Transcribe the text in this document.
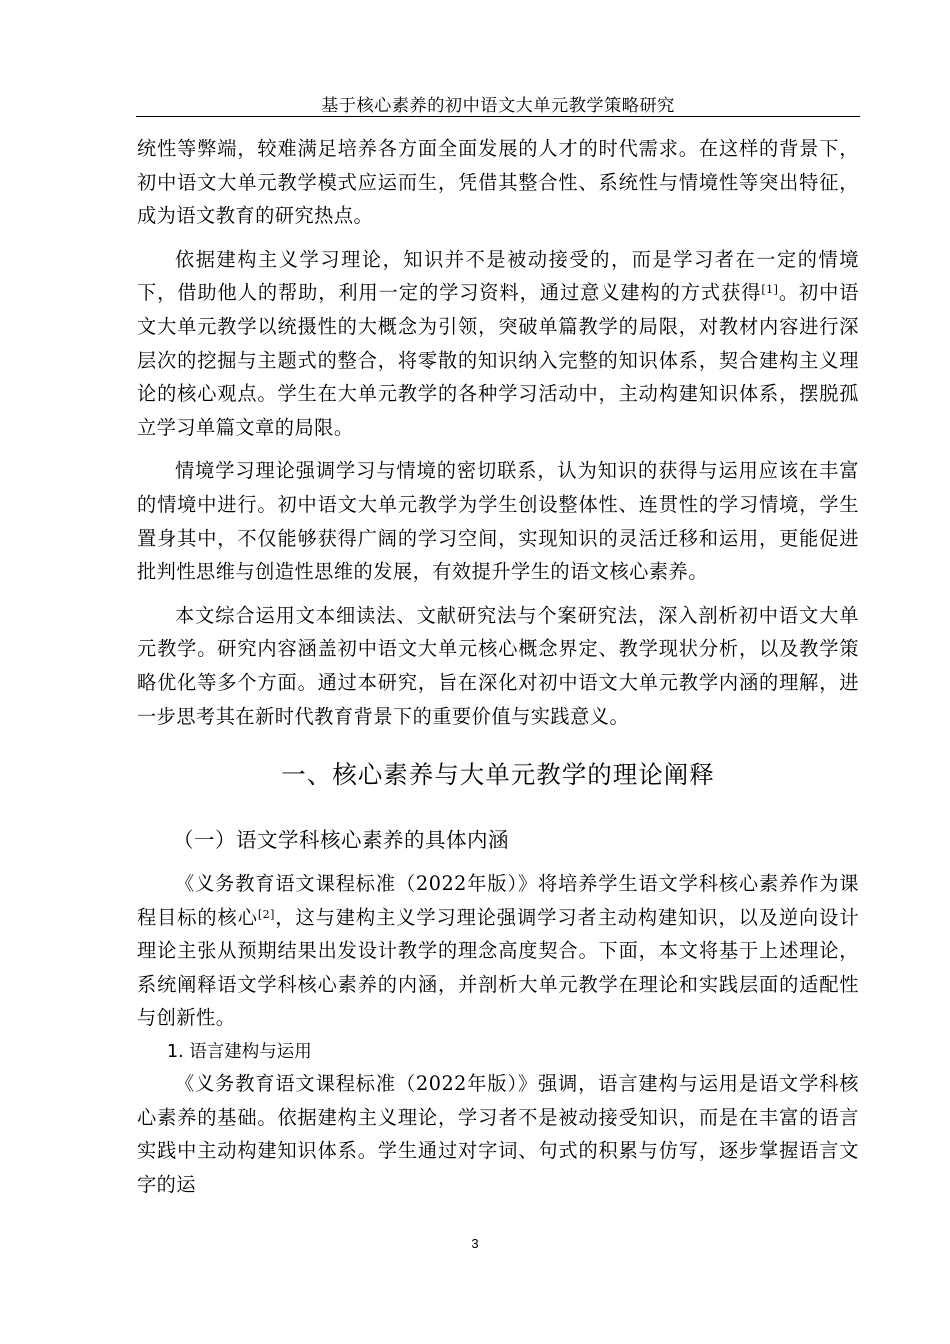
基于核心素养的初中语文大单元教学策略研究

统性等弊端，较难满足培养各方面全面发展的人才的时代需求。在这样的背景下，初中语文大单元教学模式应运而生，凭借其整合性、系统性与情境性等突出特征，成为语文教育的研究热点。

依据建构主义学习理论，知识并不是被动接受的，而是学习者在一定的情境下，借助他人的帮助，利用一定的学习资料，通过意义建构的方式获得[1]。初中语文大单元教学以统摄性的大概念为引领，突破单篇教学的局限，对教材内容进行深层次的挖掘与主题式的整合，将零散的知识纳入完整的知识体系，契合建构主义理论的核心观点。学生在大单元教学的各种学习活动中，主动构建知识体系，摆脱孤立学习单篇文章的局限。

情境学习理论强调学习与情境的密切联系，认为知识的获得与运用应该在丰富的情境中进行。初中语文大单元教学为学生创设整体性、连贯性的学习情境，学生置身其中，不仅能够获得广阔的学习空间，实现知识的灵活迁移和运用，更能促进批判性思维与创造性思维的发展，有效提升学生的语文核心素养。

本文综合运用文本细读法、文献研究法与个案研究法，深入剖析初中语文大单元教学。研究内容涵盖初中语文大单元核心概念界定、教学现状分析，以及教学策略优化等多个方面。通过本研究，旨在深化对初中语文大单元教学内涵的理解，进一步思考其在新时代教育背景下的重要价值与实践意义。

一、核心素养与大单元教学的理论阐释
（一）语文学科核心素养的具体内涵

《义务教育语文课程标准（2022年版）》将培养学生语文学科核心素养作为课程目标的核心[2]，这与建构主义学习理论强调学习者主动构建知识，以及逆向设计理论主张从预期结果出发设计教学的理念高度契合。下面，本文将基于上述理论，系统阐释语文学科核心素养的内涵，并剖析大单元教学在理论和实践层面的适配性与创新性。

1. 语言建构与运用

《义务教育语文课程标准（2022年版）》强调，语言建构与运用是语文学科核心素养的基础。依据建构主义理论，学习者不是被动接受知识，而是在丰富的语言实践中主动构建知识体系。学生通过对字词、句式的积累与仿写，逐步掌握语言文字的运

3
